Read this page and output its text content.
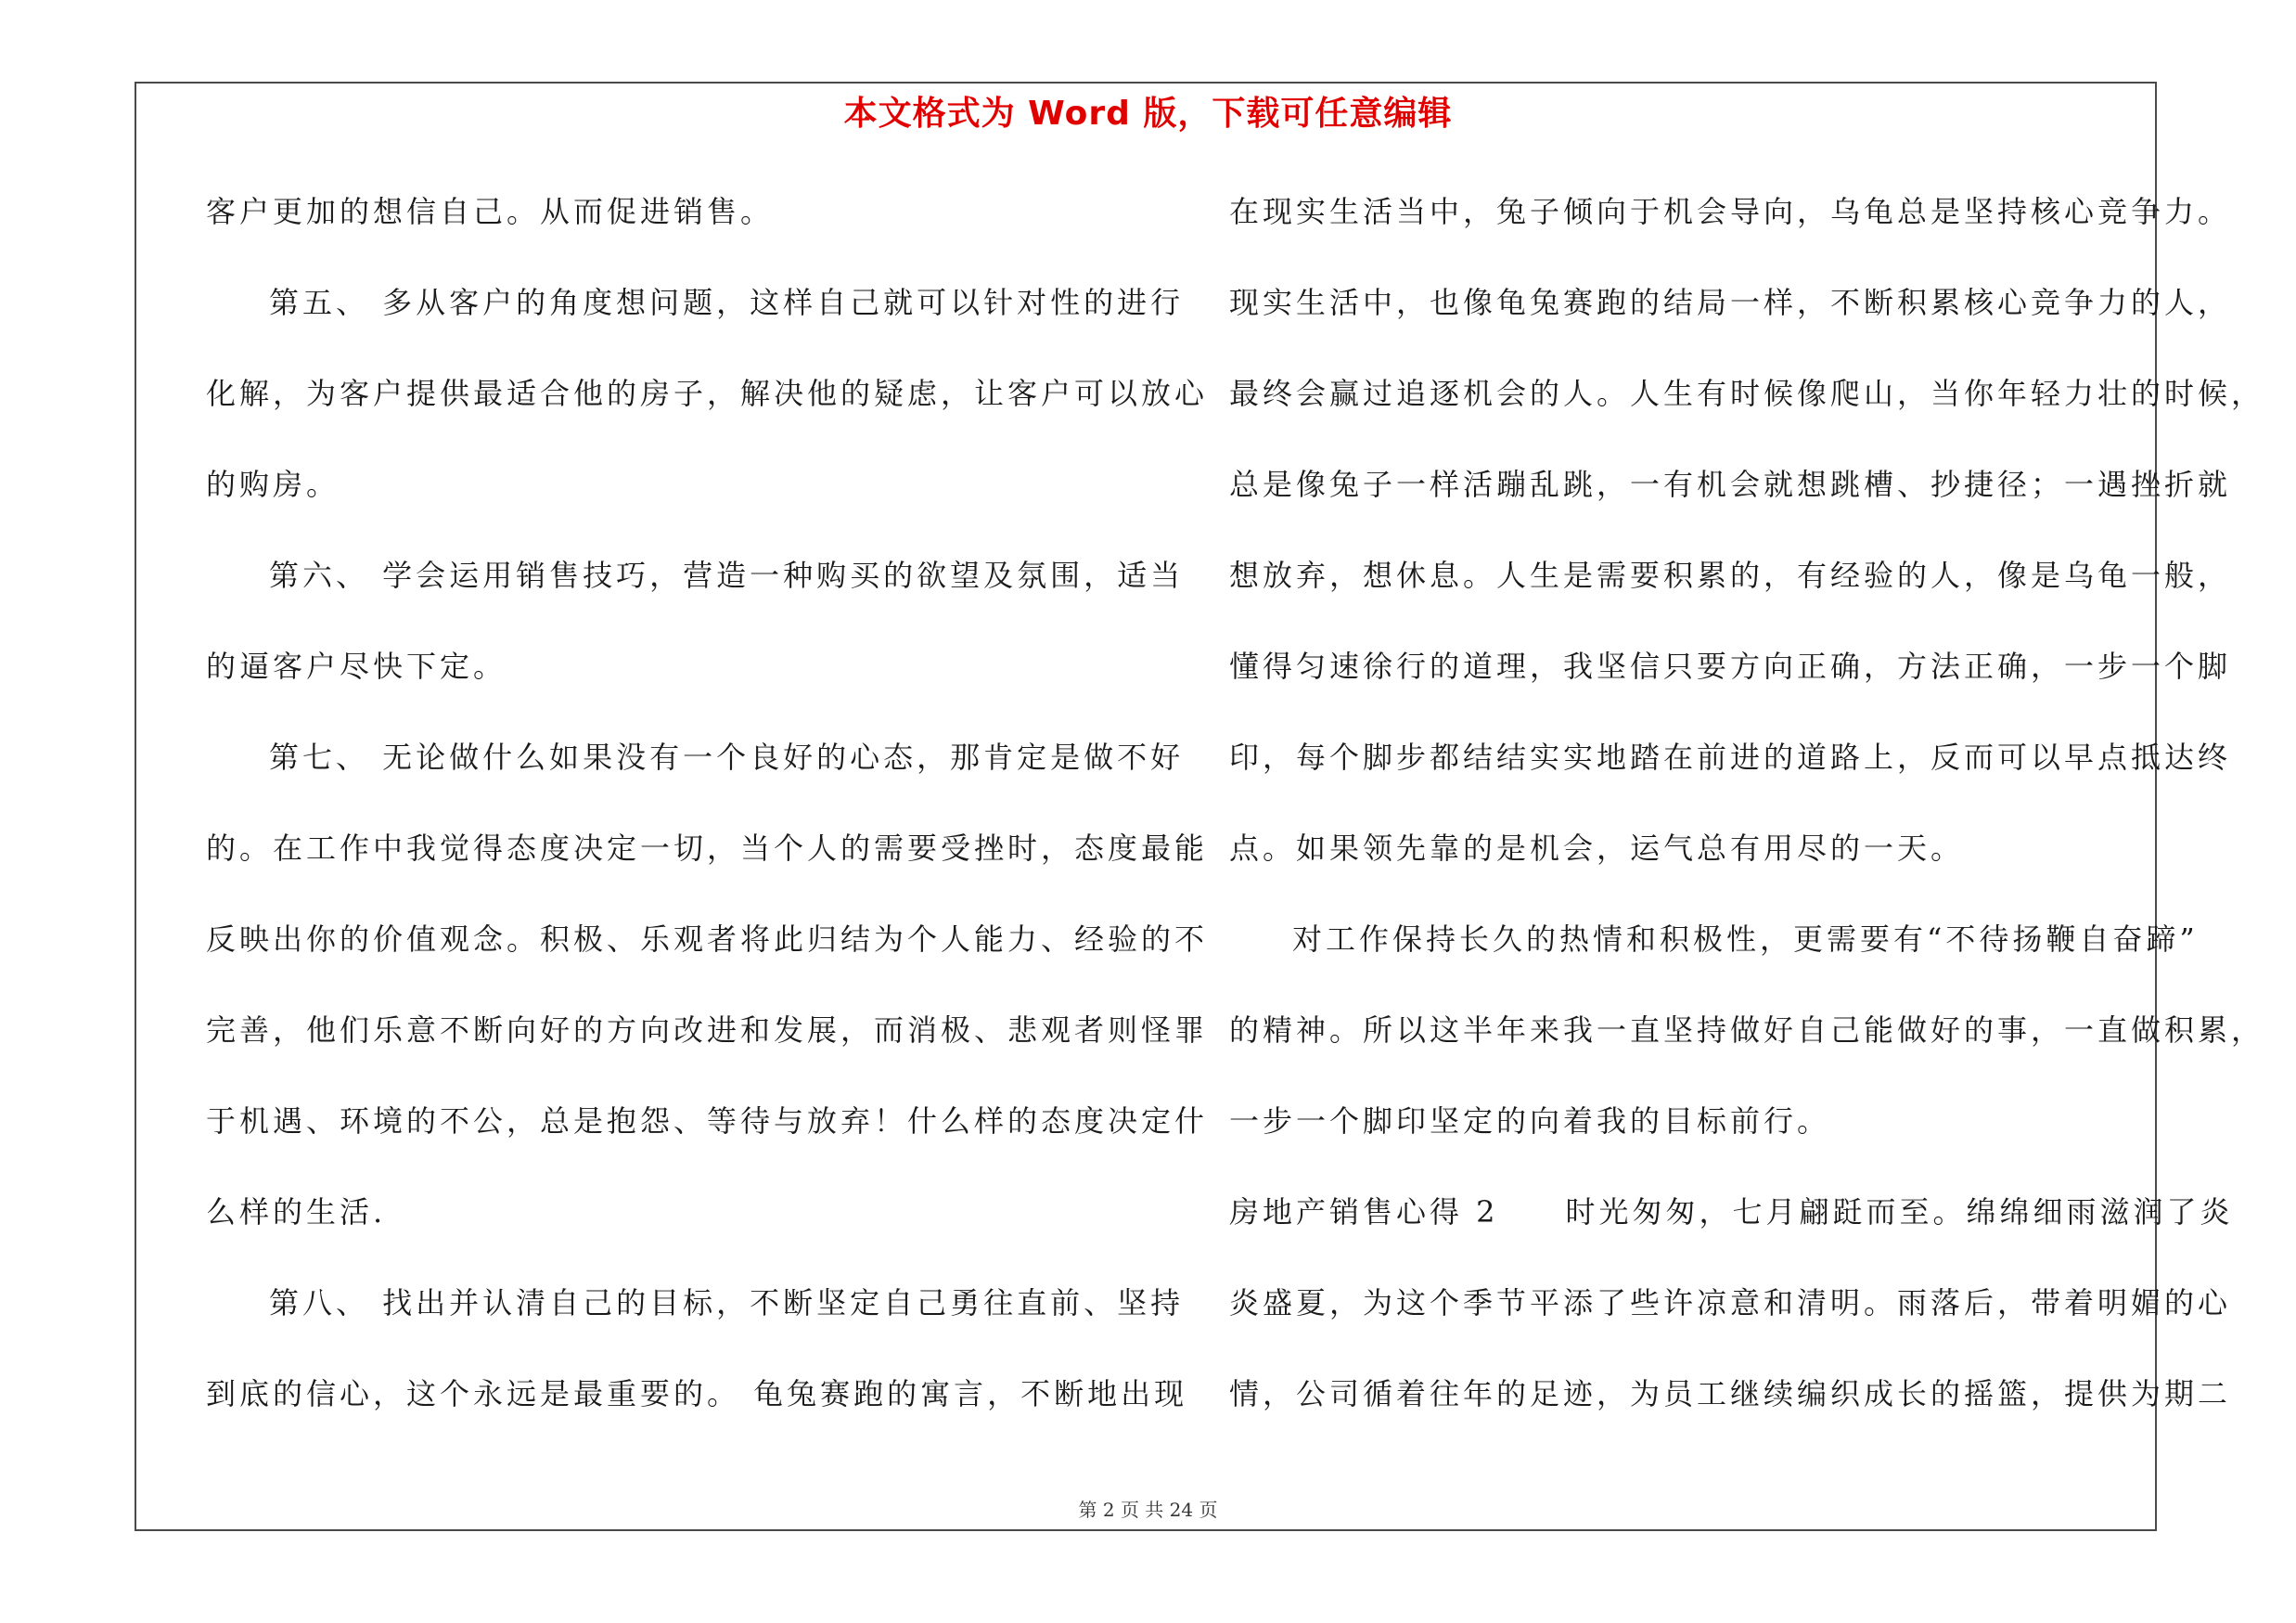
本文格式为 Word 版，下载可任意编辑
客户更加的想信自己。从而促进销售。
第五、 多从客户的角度想问题，这样自己就可以针对性的进行
化解，为客户提供最适合他的房子，解决他的疑虑，让客户可以放心
的购房。
第六、 学会运用销售技巧，营造一种购买的欲望及氛围，适当
的逼客户尽快下定。
第七、 无论做什么如果没有一个良好的心态，那肯定是做不好
的。在工作中我觉得态度决定一切，当个人的需要受挫时，态度最能
反映出你的价值观念。积极、乐观者将此归结为个人能力、经验的不
完善，他们乐意不断向好的方向改进和发展，而消极、悲观者则怪罪
于机遇、环境的不公，总是抱怨、等待与放弃！什么样的态度决定什
么样的生活.
第八、 找出并认清自己的目标，不断坚定自己勇往直前、坚持
到底的信心，这个永远是最重要的。 龟兔赛跑的寓言，不断地出现
在现实生活当中，兔子倾向于机会导向，乌龟总是坚持核心竞争力。
现实生活中，也像龟兔赛跑的结局一样，不断积累核心竞争力的人，
最终会赢过追逐机会的人。人生有时候像爬山，当你年轻力壮的时候，
总是像兔子一样活蹦乱跳，一有机会就想跳槽、抄捷径；一遇挫折就
想放弃，想休息。人生是需要积累的，有经验的人，像是乌龟一般，
懂得匀速徐行的道理，我坚信只要方向正确，方法正确，一步一个脚
印，每个脚步都结结实实地踏在前进的道路上，反而可以早点抵达终
点。如果领先靠的是机会，运气总有用尽的一天。
对工作保持长久的热情和积极性，更需要有“不待扬鞭自奋蹄”
的精神。所以这半年来我一直坚持做好自己能做好的事，一直做积累，
一步一个脚印坚定的向着我的目标前行。
房地产销售心得 2　　时光匆匆，七月翩跹而至。绵绵细雨滋润了炎
炎盛夏，为这个季节平添了些许凉意和清明。雨落后，带着明媚的心
情，公司循着往年的足迹，为员工继续编织成长的摇篮，提供为期二
第 2 页 共 24 页
